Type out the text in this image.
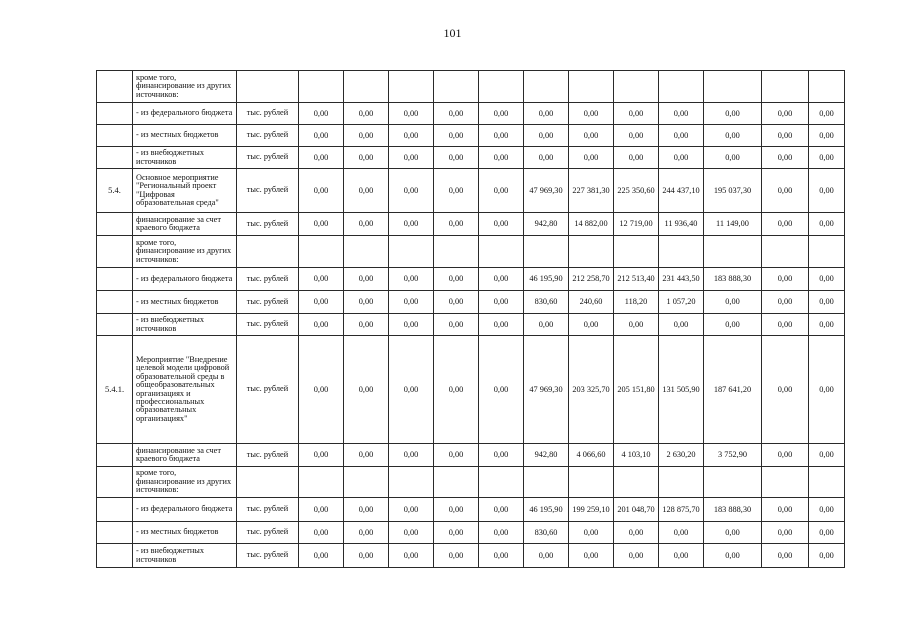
101
	кроме того, финансирование из других источников:													
	- из федерального бюджета	тыс. рублей	0,00	0,00	0,00	0,00	0,00	0,00	0,00	0,00	0,00	0,00	0,00	0,00
	- из местных бюджетов	тыс. рублей	0,00	0,00	0,00	0,00	0,00	0,00	0,00	0,00	0,00	0,00	0,00	0,00
	- из внебюджетных источников	тыс. рублей	0,00	0,00	0,00	0,00	0,00	0,00	0,00	0,00	0,00	0,00	0,00	0,00
5.4.	Основное мероприятие "Региональный проект "Цифровая образовательная среда"	тыс. рублей	0,00	0,00	0,00	0,00	0,00	47 969,30	227 381,30	225 350,60	244 437,10	195 037,30	0,00	0,00
	финансирование за счет краевого бюджета	тыс. рублей	0,00	0,00	0,00	0,00	0,00	942,80	14 882,00	12 719,00	11 936,40	11 149,00	0,00	0,00
	кроме того, финансирование из других источников:													
	- из федерального бюджета	тыс. рублей	0,00	0,00	0,00	0,00	0,00	46 195,90	212 258,70	212 513,40	231 443,50	183 888,30	0,00	0,00
	- из местных бюджетов	тыс. рублей	0,00	0,00	0,00	0,00	0,00	830,60	240,60	118,20	1 057,20	0,00	0,00	0,00
	- из внебюджетных источников	тыс. рублей	0,00	0,00	0,00	0,00	0,00	0,00	0,00	0,00	0,00	0,00	0,00	0,00
5.4.1.	Мероприятие "Внедрение целевой модели цифровой образовательной среды в общеобразовательных организациях и профессиональных образовательных организациях"	тыс. рублей	0,00	0,00	0,00	0,00	0,00	47 969,30	203 325,70	205 151,80	131 505,90	187 641,20	0,00	0,00
	финансирование за счет краевого бюджета	тыс. рублей	0,00	0,00	0,00	0,00	0,00	942,80	4 066,60	4 103,10	2 630,20	3 752,90	0,00	0,00
	кроме того, финансирование из других источников:													
	- из федерального бюджета	тыс. рублей	0,00	0,00	0,00	0,00	0,00	46 195,90	199 259,10	201 048,70	128 875,70	183 888,30	0,00	0,00
	- из местных бюджетов	тыс. рублей	0,00	0,00	0,00	0,00	0,00	830,60	0,00	0,00	0,00	0,00	0,00	0,00
	- из внебюджетных источников	тыс. рублей	0,00	0,00	0,00	0,00	0,00	0,00	0,00	0,00	0,00	0,00	0,00	0,00
